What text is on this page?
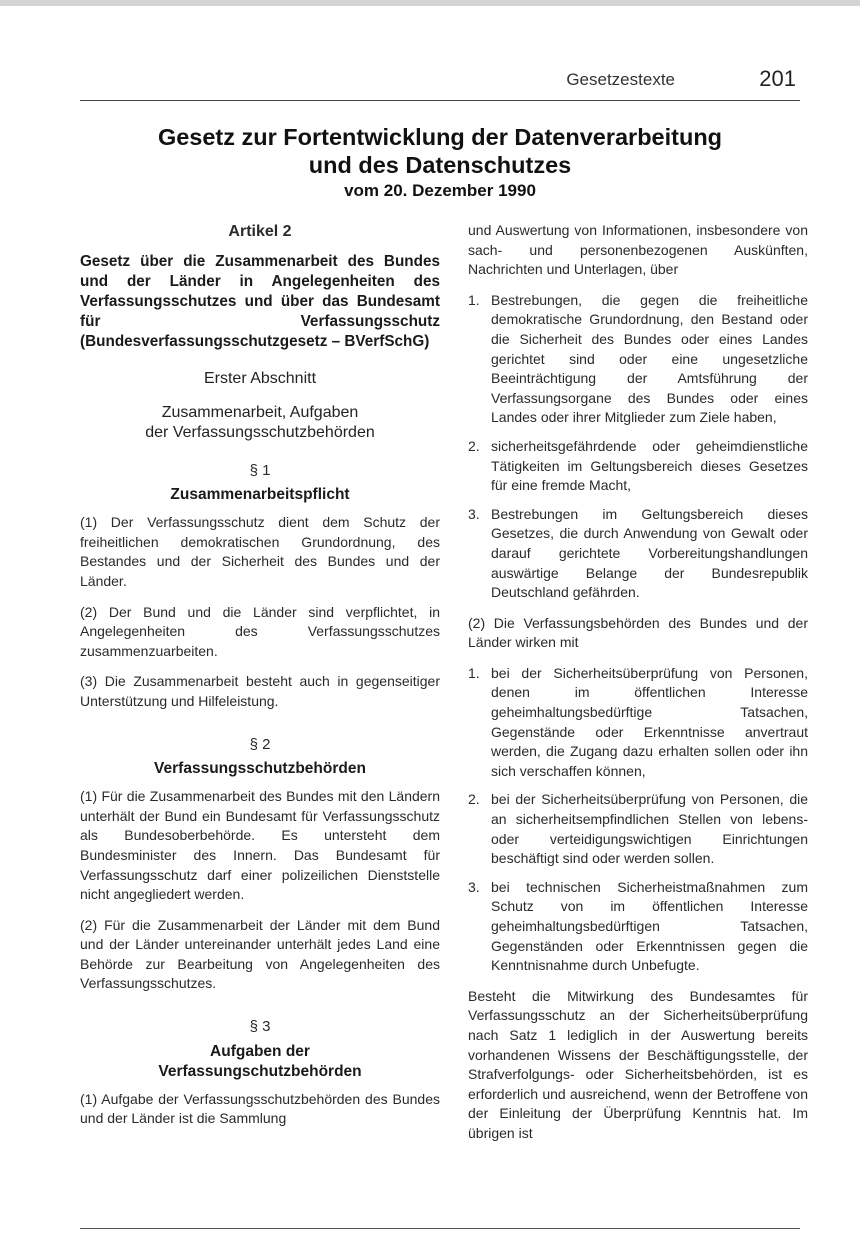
Gesetzestexte	201
Gesetz zur Fortentwicklung der Datenverarbeitung
und des Datenschutzes
vom 20. Dezember 1990
Artikel 2
Gesetz über die Zusammenarbeit des Bundes und der Länder in Angelegenheiten des Verfassungsschutzes und über das Bundesamt für Verfassungsschutz (Bundesverfassungsschutzgesetz – BVerfSchG)
Erster Abschnitt
Zusammenarbeit, Aufgaben
der Verfassungsschutzbehörden
§ 1
Zusammenarbeitspflicht

(1) Der Verfassungsschutz dient dem Schutz der freiheitlichen demokratischen Grundordnung, des Bestandes und der Sicherheit des Bundes und der Länder.

(2) Der Bund und die Länder sind verpflichtet, in Angelegenheiten des Verfassungsschutzes zusammenzuarbeiten.

(3) Die Zusammenarbeit besteht auch in gegenseitiger Unterstützung und Hilfeleistung.

§ 2
Verfassungsschutzbehörden

(1) Für die Zusammenarbeit des Bundes mit den Ländern unterhält der Bund ein Bundesamt für Verfassungsschutz als Bundesoberbehörde. Es untersteht dem Bundesminister des Innern. Das Bundesamt für Verfassungsschutz darf einer polizeilichen Dienststelle nicht angegliedert werden.

(2) Für die Zusammenarbeit der Länder mit dem Bund und der Länder untereinander unterhält jedes Land eine Behörde zur Bearbeitung von Angelegenheiten des Verfassungsschutzes.

§ 3
Aufgaben der Verfassungschutzbehörden

(1) Aufgabe der Verfassungsschutzbehörden des Bundes und der Länder ist die Sammlung

und Auswertung von Informationen, insbesondere von sach- und personenbezogenen Auskünften, Nachrichten und Unterlagen, über

1. Bestrebungen, die gegen die freiheitliche demokratische Grundordnung, den Bestand oder die Sicherheit des Bundes oder eines Landes gerichtet sind oder eine ungesetzliche Beeinträchtigung der Amtsführung der Verfassungsorgane des Bundes oder eines Landes oder ihrer Mitglieder zum Ziele haben,
2. sicherheitsgefährdende oder geheimdienstliche Tätigkeiten im Geltungsbereich dieses Gesetzes für eine fremde Macht,
3. Bestrebungen im Geltungsbereich dieses Gesetzes, die durch Anwendung von Gewalt oder darauf gerichtete Vorbereitungshandlungen auswärtige Belange der Bundesrepublik Deutschland gefährden.

(2) Die Verfassungsbehörden des Bundes und der Länder wirken mit

1. bei der Sicherheitsüberprüfung von Personen, denen im öffentlichen Interesse geheimhaltungsbedürftige Tatsachen, Gegenstände oder Erkenntnisse anvertraut werden, die Zugang dazu erhalten sollen oder ihn sich verschaffen können,
2. bei der Sicherheitsüberprüfung von Personen, die an sicherheitsempfindlichen Stellen von lebens- oder verteidigungswichtigen Einrichtungen beschäftigt sind oder werden sollen.
3. bei technischen Sicherheistmaßnahmen zum Schutz von im öffentlichen Interesse geheimhaltungsbedürftigen Tatsachen, Gegenständen oder Erkenntnissen gegen die Kenntnisnahme durch Unbefugte.

Besteht die Mitwirkung des Bundesamtes für Verfassungsschutz an der Sicherheitsüberprüfung nach Satz 1 lediglich in der Auswertung bereits vorhandenen Wissens der Beschäftigungsstelle, der Strafverfolgungs- oder Sicherheitsbehörden, ist es erforderlich und ausreichend, wenn der Betroffene von der Einleitung der Überprüfung Kenntnis hat. Im übrigen ist
